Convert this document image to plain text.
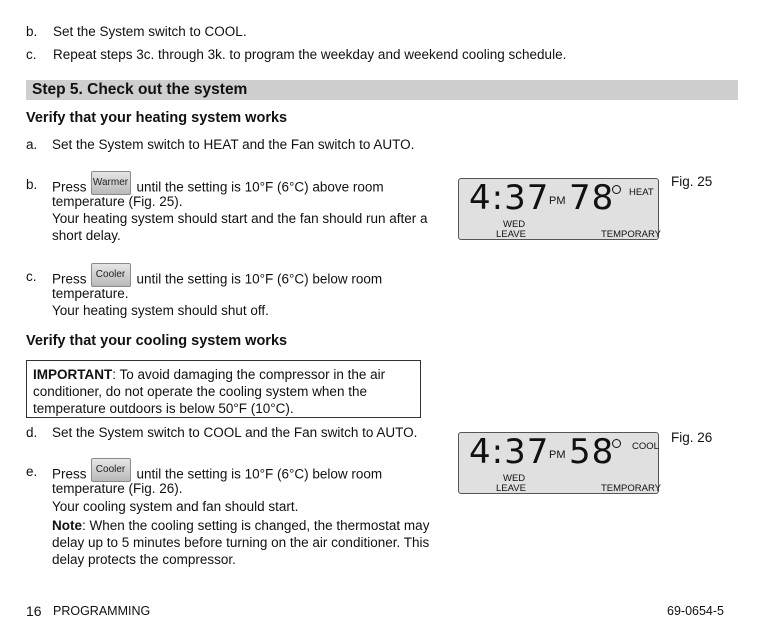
b.	Set the System switch to COOL.
c.	Repeat steps 3c. through 3k. to program the weekday and weekend cooling schedule.
Step 5. Check out the system
Verify that your heating system works
a.	Set the System switch to HEAT and the Fan switch to AUTO.
b.	Press Warmer until the setting is 10°F (6°C) above room
temperature (Fig. 25).
Your heating system should start and the fan should run after a
short delay.
c.	Press Cooler until the setting is 10°F (6°C) below room
temperature.
Your heating system should shut off.
Verify that your cooling system works
IMPORTANT: To avoid damaging the compressor in the air
conditioner, do not operate the cooling system when the
temperature outdoors is below 50°F (10°C).
d.	Set the System switch to COOL and the Fan switch to AUTO.
e.	Press Cooler until the setting is 10°F (6°C) below room
temperature (Fig. 26).
Your cooling system and fan should start.
Note: When the cooling setting is changed, the thermostat may
delay up to 5 minutes before turning on the air conditioner. This
delay protects the compressor.
4:37 PM 78 HEAT
WED
LEAVE	TEMPORARY
Fig. 25
4:37 PM 58 COOL
WED
LEAVE	TEMPORARY
Fig. 26
16 PROGRAMMING	69-0654-5
